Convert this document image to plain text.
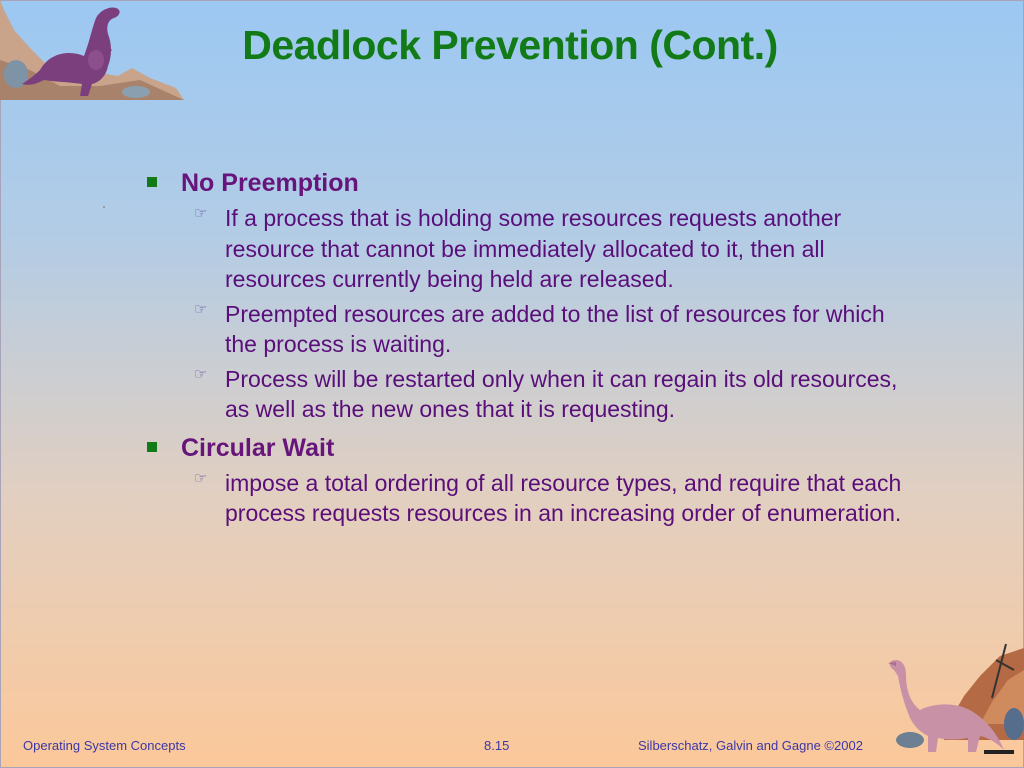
Deadlock Prevention (Cont.)
No Preemption
☞ If a process that is holding some resources requests another resource that cannot be immediately allocated to it, then all resources currently being held are released.
☞ Preempted resources are added to the list of resources for which the process is waiting.
☞ Process will be restarted only when it can regain its old resources, as well as the new ones that it is requesting.
Circular Wait
☞ impose a total ordering of all resource types, and require that each process requests resources in an increasing order of enumeration.
Operating System Concepts	8.15	Silberschatz, Galvin and Gagne ©2002
